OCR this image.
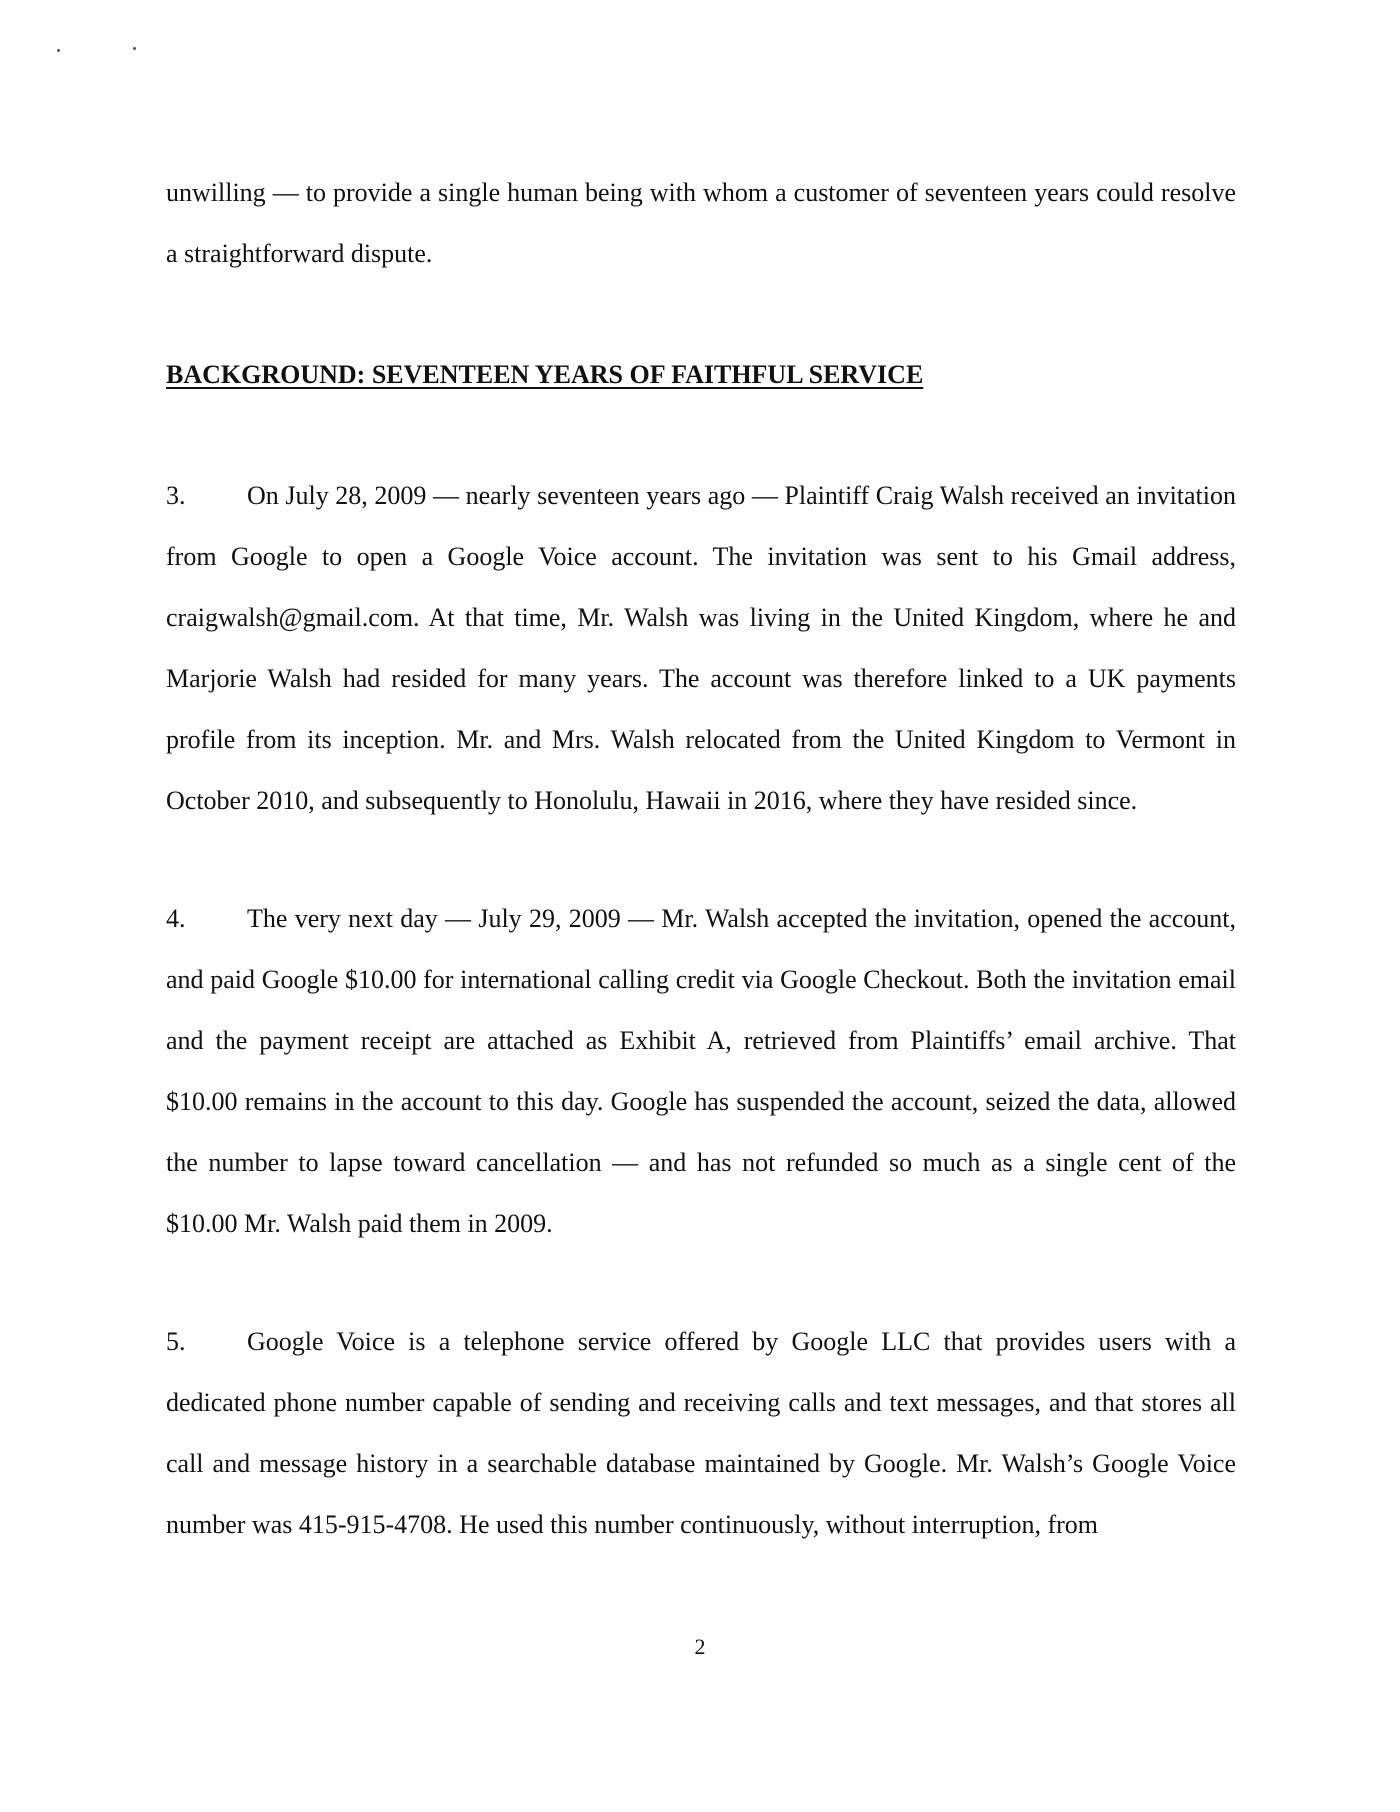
unwilling — to provide a single human being with whom a customer of seventeen years could resolve a straightforward dispute.

BACKGROUND: SEVENTEEN YEARS OF FAITHFUL SERVICE

3. On July 28, 2009 — nearly seventeen years ago — Plaintiff Craig Walsh received an invitation from Google to open a Google Voice account. The invitation was sent to his Gmail address, craigwalsh@gmail.com. At that time, Mr. Walsh was living in the United Kingdom, where he and Marjorie Walsh had resided for many years. The account was therefore linked to a UK payments profile from its inception. Mr. and Mrs. Walsh relocated from the United Kingdom to Vermont in October 2010, and subsequently to Honolulu, Hawaii in 2016, where they have resided since.

4. The very next day — July 29, 2009 — Mr. Walsh accepted the invitation, opened the account, and paid Google $10.00 for international calling credit via Google Checkout. Both the invitation email and the payment receipt are attached as Exhibit A, retrieved from Plaintiffs’ email archive. That $10.00 remains in the account to this day. Google has suspended the account, seized the data, allowed the number to lapse toward cancellation — and has not refunded so much as a single cent of the $10.00 Mr. Walsh paid them in 2009.

5. Google Voice is a telephone service offered by Google LLC that provides users with a dedicated phone number capable of sending and receiving calls and text messages, and that stores all call and message history in a searchable database maintained by Google. Mr. Walsh’s Google Voice number was 415-915-4708. He used this number continuously, without interruption, from

2
